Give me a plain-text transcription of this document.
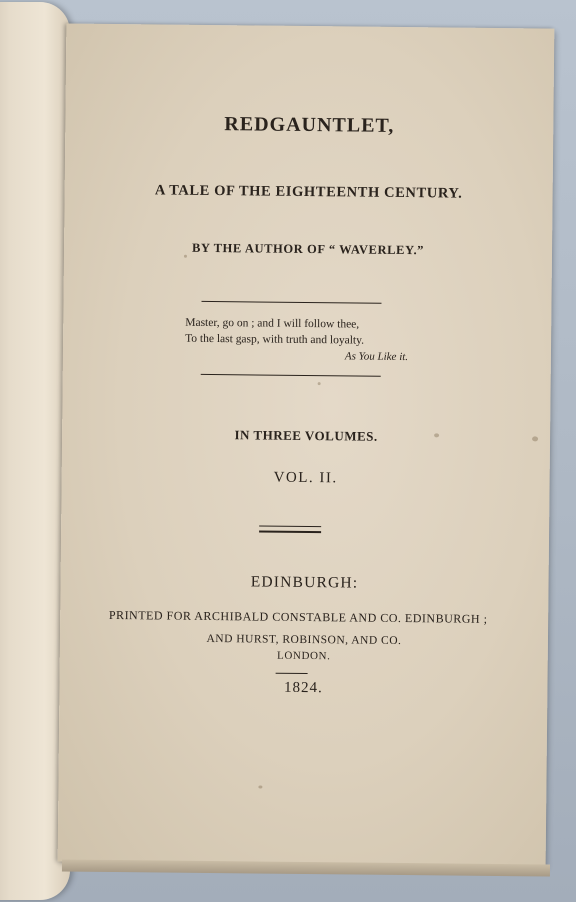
REDGAUNTLET,
A TALE OF THE EIGHTEENTH CENTURY.
BY THE AUTHOR OF “ WAVERLEY.”
Master, go on ; and I will follow thee,
To the last gasp, with truth and loyalty.
As You Like it.
IN THREE VOLUMES.
VOL. II.
EDINBURGH:
PRINTED FOR ARCHIBALD CONSTABLE AND CO. EDINBURGH ;
AND HURST, ROBINSON, AND CO.
LONDON.
1824.
